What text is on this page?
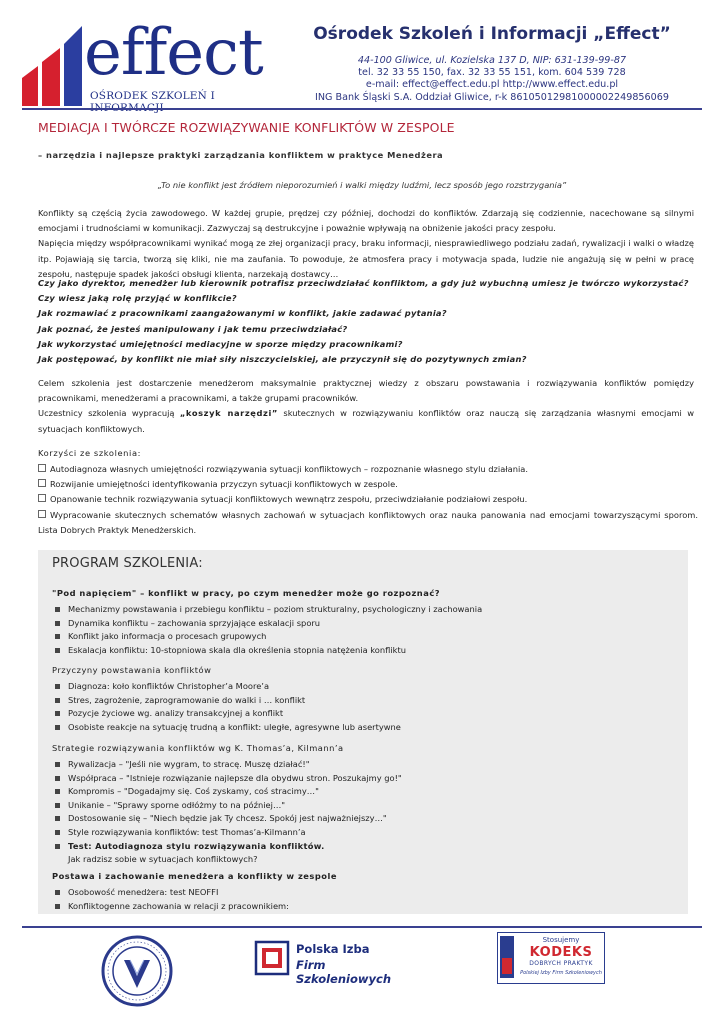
effect
OŚRODEK SZKOLEŃ I
Ośrodek Szkoleń i Informacji „Effect”
44-100 Gliwice, ul. Kozielska 137 D, NIP: 631-139-99-87
tel. 32 33 55 150, fax. 32 33 55 151, kom. 604 539 728
e-mail: effect@effect.edu.pl http://www.effect.edu.pl
ING Bank Śląski S.A. Oddział Gliwice, r-k 86105012981000002249856069
MEDIACJA I TWÓRCZE ROZWIĄZYWANIE KONFLIKTÓW W ZESPOLE
– narzędzia i najlepsze praktyki zarządzania konfliktem w praktyce Menedżera
„To nie konflikt jest źródłem nieporozumień i walki między ludźmi, lecz sposób jego rozstrzygania”
Konflikty są częścią życia zawodowego. W każdej grupie, prędzej czy później, dochodzi do konfliktów. Zdarzają się codziennie, nacechowane są silnymi emocjami i trudnościami w komunikacji. Zazwyczaj są destrukcyjne i poważnie wpływają na obniżenie jakości pracy zespołu.
Napięcia między współpracownikami wynikać mogą ze złej organizacji pracy, braku informacji, niesprawiedliwego podziału zadań, rywalizacji i walki o władzę itp. Pojawiają się tarcia, tworzą się kliki, nie ma zaufania. To powoduje, że atmosfera pracy i motywacja spada, ludzie nie angażują się w pełni w pracę zespołu, następuje spadek jakości obsługi klienta, narzekają dostawcy…
Czy jako dyrektor, menedżer lub kierownik potrafisz przeciwdziałać konfliktom, a gdy już wybuchną umiesz je twórczo wykorzystać?
Czy wiesz jaką rolę przyjąć w konflikcie?
Jak rozmawiać z pracownikami zaangażowanymi w konflikt, jakie zadawać pytania?
Jak poznać, że jesteś manipulowany i jak temu przeciwdziałać?
Jak wykorzystać umiejętności mediacyjne w sporze między pracownikami?
Jak postępować, by konflikt nie miał siły niszczycielskiej, ale przyczynił się do pozytywnych zmian?
Celem szkolenia jest dostarczenie menedżerom maksymalnie praktycznej wiedzy z obszaru powstawania i rozwiązywania konfliktów pomiędzy pracownikami, menedżerami a pracownikami, a także grupami pracowników.
Uczestnicy szkolenia wypracują „koszyk narzędzi” skutecznych w rozwiązywaniu konfliktów oraz nauczą się zarządzania własnymi emocjami w sytuacjach konfliktowych.
Korzyści ze szkolenia:
Autodiagnoza własnych umiejętności rozwiązywania sytuacji konfliktowych – rozpoznanie własnego stylu działania.
Rozwijanie umiejętności identyfikowania przyczyn sytuacji konfliktowych w zespole.
Opanowanie technik rozwiązywania sytuacji konfliktowych wewnątrz zespołu, przeciwdziałanie podziałowi zespołu.
Wypracowanie skutecznych schematów własnych zachowań w sytuacjach konfliktowych oraz nauka panowania nad emocjami towarzyszącymi sporom. Lista Dobrych Praktyk Menedżerskich.
PROGRAM SZKOLENIA:
"Pod napięciem" – konflikt w pracy, po czym menedżer może go rozpoznać?
Mechanizmy powstawania i przebiegu konfliktu – poziom strukturalny, psychologiczny i zachowania
Dynamika konfliktu – zachowania sprzyjające eskalacji sporu
Konflikt jako informacja o procesach grupowych
Eskalacja konfliktu: 10-stopniowa skala dla określenia stopnia natężenia konfliktu
Przyczyny powstawania konfliktów
Diagnoza: koło konfliktów Christopher’a Moore’a
Stres, zagrożenie, zaprogramowanie do walki i … konflikt
Pozycje życiowe wg. analizy transakcyjnej a konflikt
Osobiste reakcje na sytuację trudną a konflikt: uległe, agresywne lub asertywne
Strategie rozwiązywania konfliktów wg K. Thomas’a, Kilmann’a
Rywalizacja – "Jeśli nie wygram, to stracę. Muszę działać!"
Współpraca – "Istnieje rozwiązanie najlepsze dla obydwu stron. Poszukajmy go!"
Kompromis – "Dogadajmy się. Coś zyskamy, coś stracimy…"
Unikanie – "Sprawy sporne odłóżmy to na później…"
Dostosowanie się – "Niech będzie jak Ty chcesz. Spokój jest najważniejszy…"
Style rozwiązywania konfliktów: test Thomas’a-Kilmann’a
Test: Autodiagnoza stylu rozwiązywania konfliktów.
Jak radzisz sobie w sytuacjach konfliktowych?
Postawa i zachowanie menedżera a konflikty w zespole
Osobowość menedżera: test NEOFFI
Konfliktogenne zachowania w relacji z pracownikiem:
Polska Izba
Firm Szkoleniowych
Stosujemy
KODEKS
DOBRYCH PRAKTYK
Polskiej Izby Firm Szkoleniowych
